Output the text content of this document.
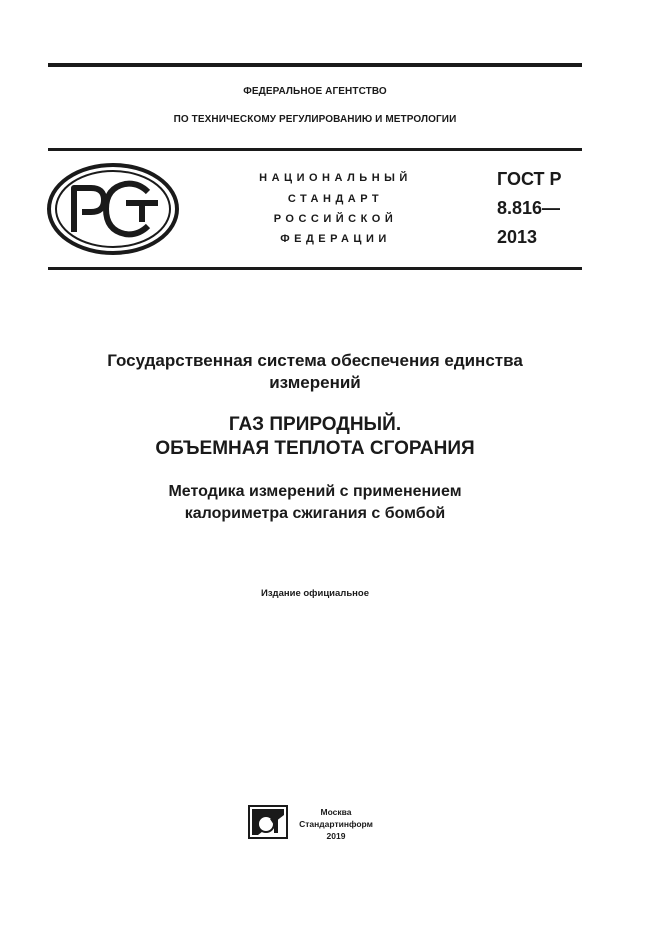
ФЕДЕРАЛЬНОЕ АГЕНТСТВО
ПО ТЕХНИЧЕСКОМУ РЕГУЛИРОВАНИЮ И МЕТРОЛОГИИ
НАЦИОНАЛЬНЫЙ
СТАНДАРТ
РОССИЙСКОЙ
ФЕДЕРАЦИИ
ГОСТ Р
8.816—
2013
Государственная система обеспечения единства
измерений
ГАЗ ПРИРОДНЫЙ.
ОБЪЕМНАЯ ТЕПЛОТА СГОРАНИЯ
Методика измерений с применением
калориметра сжигания с бомбой
Издание официальное
Москва
Стандартинформ
2019
